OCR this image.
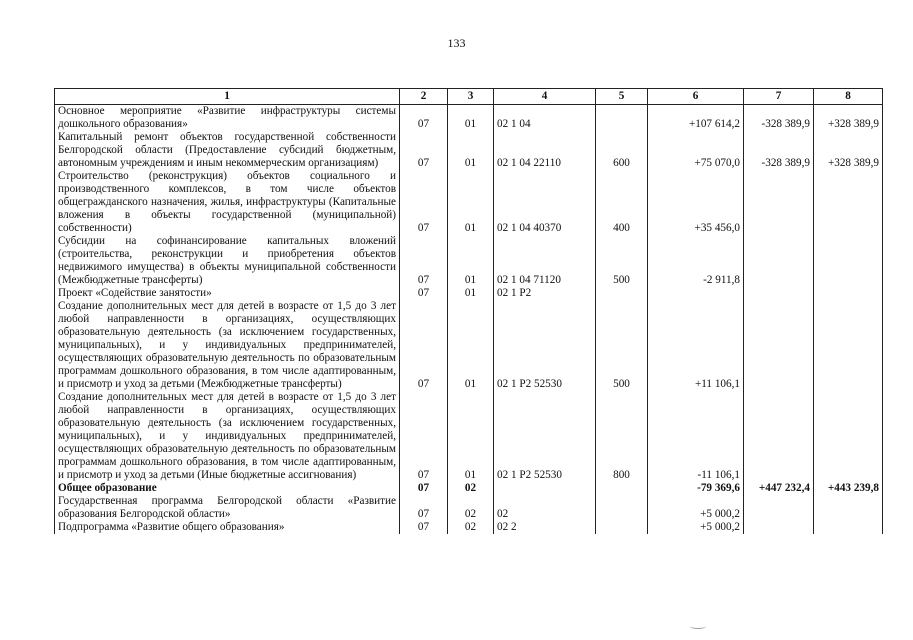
133
1	2	3	4	5	6	7	8
Основное мероприятие «Развитие инфраструктуры системы дошкольного образования»	07	01	02 1 04		+107 614,2	-328 389,9	+328 389,9
Капитальный ремонт объектов государственной собственности Белгородской области (Предоставление субсидий бюджетным, автономным учреждениям и иным некоммерческим организациям)	07	01	02 1 04 22110	600	+75 070,0	-328 389,9	+328 389,9
Строительство (реконструкция) объектов социального и производственного комплексов, в том числе объектов общегражданского назначения, жилья, инфраструктуры (Капитальные вложения в объекты государственной (муниципальной) собственности)	07	01	02 1 04 40370	400	+35 456,0		
Субсидии на софинансирование капитальных вложений (строительства, реконструкции и приобретения объектов недвижимого имущества) в объекты муниципальной собственности (Межбюджетные трансферты)	07	01	02 1 04 71120	500	-2 911,8		
Проект «Содействие занятости»	07	01	02 1 P2				
Создание дополнительных мест для детей в возрасте от 1,5 до 3 лет любой направленности в организациях, осуществляющих образовательную деятельность (за исключением государственных, муниципальных), и у индивидуальных предпринимателей, осуществляющих образовательную деятельность по образовательным программам дошкольного образования, в том числе адаптированным, и присмотр и уход за детьми (Межбюджетные трансферты)	07	01	02 1 P2 52530	500	+11 106,1		
Создание дополнительных мест для детей в возрасте от 1,5 до 3 лет любой направленности в организациях, осуществляющих образовательную деятельность (за исключением государственных, муниципальных), и у индивидуальных предпринимателей, осуществляющих образовательную деятельность по образовательным программам дошкольного образования, в том числе адаптированным, и присмотр и уход за детьми (Иные бюджетные ассигнования)	07	01	02 1 P2 52530	800	-11 106,1		
Общее образование	07	02			-79 369,6	+447 232,4	+443 239,8
Государственная программа Белгородской области «Развитие образования Белгородской области»	07	02	02		+5 000,2		
Подпрограмма «Развитие общего образования»	07	02	02 2		+5 000,2		
